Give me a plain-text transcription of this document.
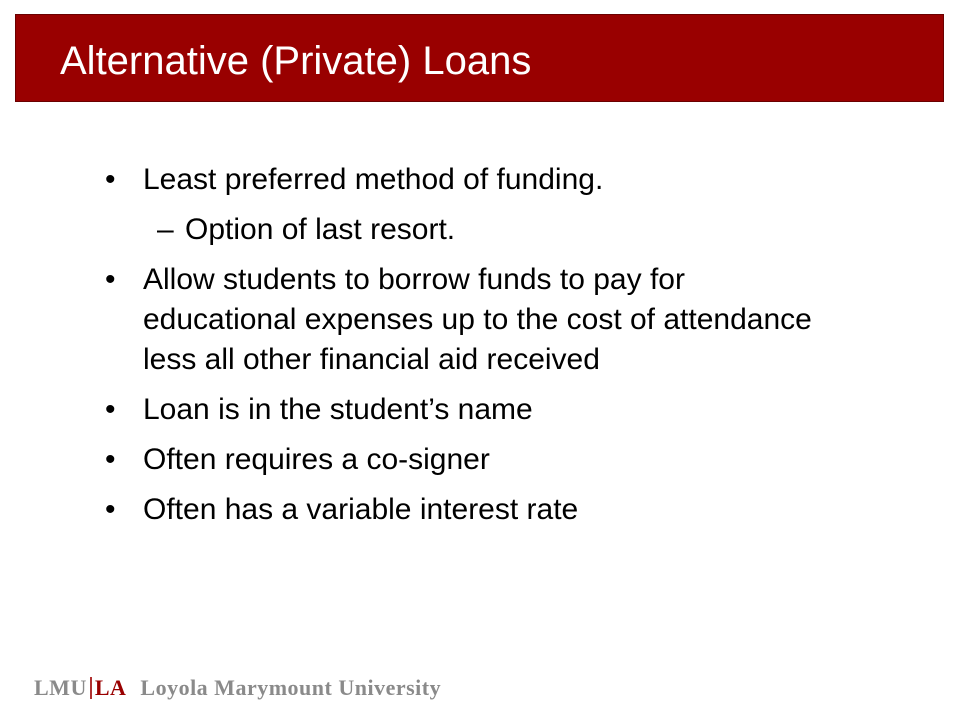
Alternative (Private) Loans
• Least preferred method of funding.
– Option of last resort.
• Allow students to borrow funds to pay for educational expenses up to the cost of attendance less all other financial aid received
• Loan is in the student’s name
• Often requires a co-signer
• Often has a variable interest rate
LMU LA Loyola Marymount University
